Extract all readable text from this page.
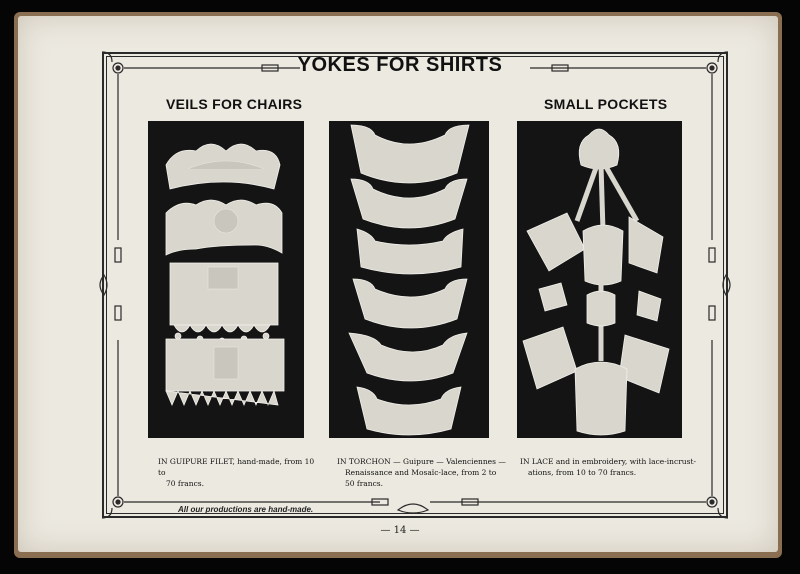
YOKES FOR SHIRTS
VEILS FOR CHAIRS	SMALL POCKETS
IN GUIPURE FILET, hand-made, from 10 to
70 francs.
IN TORCHON — Guipure — Valenciennes —
Renaissance and Mosaïc-lace, from 2 to
50 francs.
IN LACE and in embroidery, with lace-incrust-
ations, from 10 to 70 francs.
All our productions are hand-made.
— 14 —
